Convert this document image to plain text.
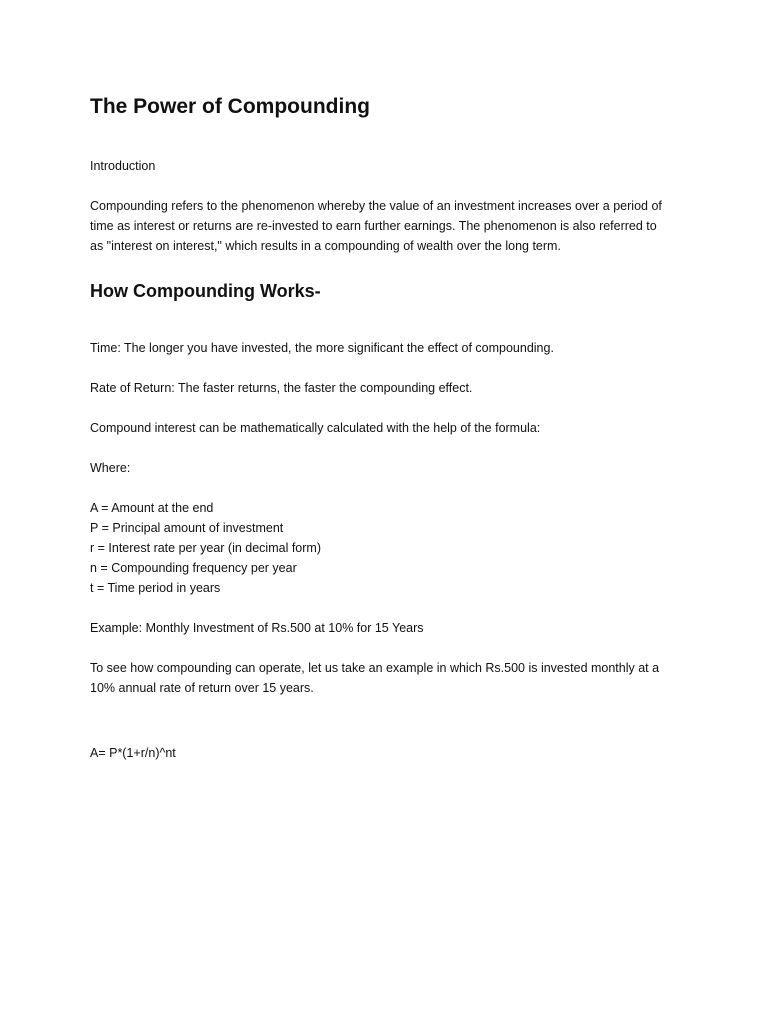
The Power of Compounding

Introduction

Compounding refers to the phenomenon whereby the value of an investment increases over a period of
time as interest or returns are re-invested to earn further earnings. The phenomenon is also referred to
as "interest on interest," which results in a compounding of wealth over the long term.
How Compounding Works-

Time: The longer you have invested, the more significant the effect of compounding.

Rate of Return: The faster returns, the faster the compounding effect.

Compound interest can be mathematically calculated with the help of the formula:

Where:

A = Amount at the end
P = Principal amount of investment
r = Interest rate per year (in decimal form)
n = Compounding frequency per year
t = Time period in years

Example: Monthly Investment of Rs.500 at 10% for 15 Years

To see how compounding can operate, let us take an example in which Rs.500 is invested monthly at a
10% annual rate of return over 15 years.

A= P*(1+r/n)^nt
